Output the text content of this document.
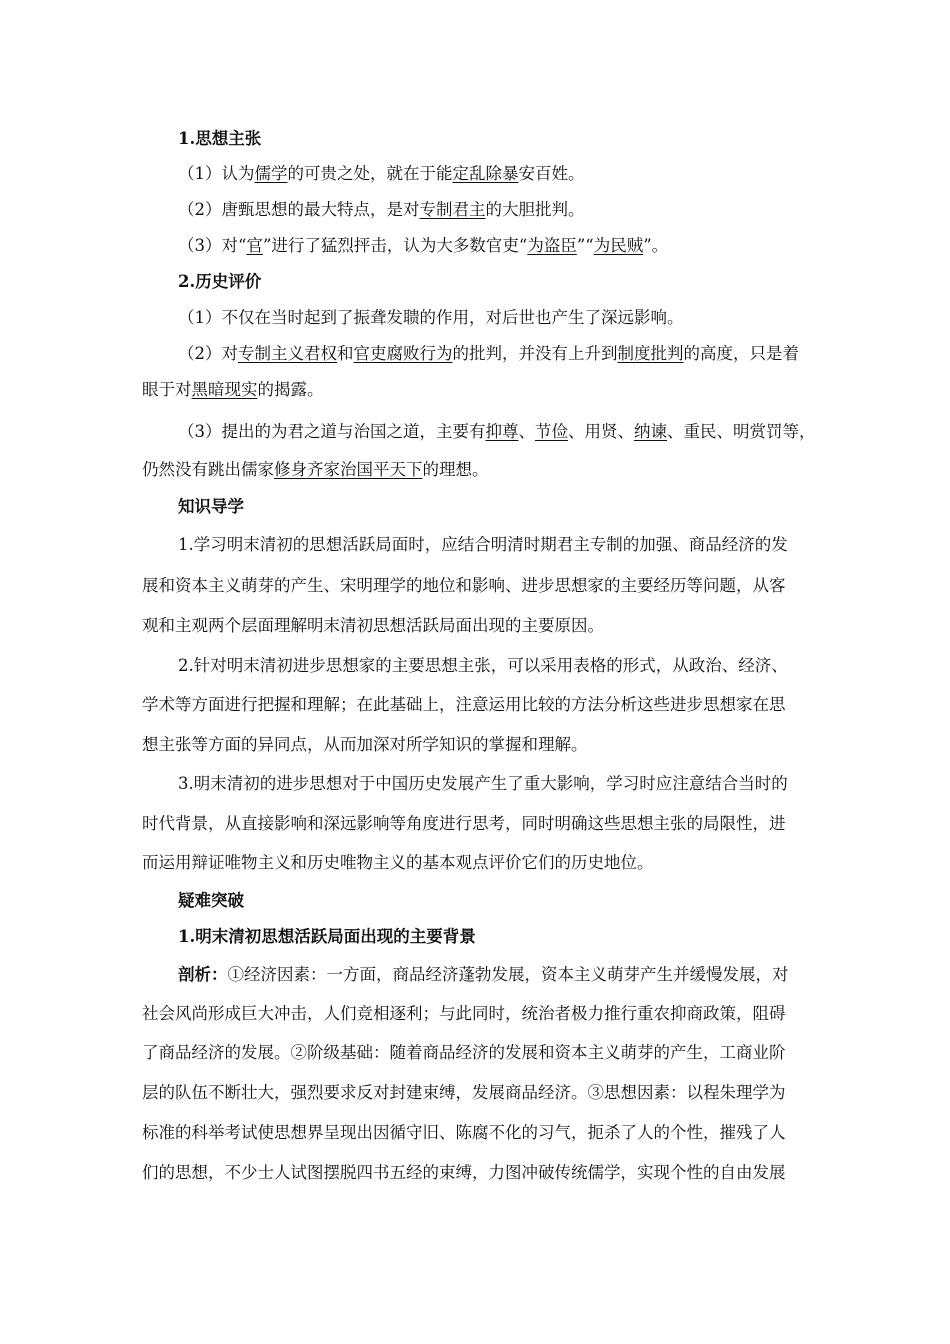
1.思想主张
（1）认为儒学的可贵之处，就在于能定乱除暴安百姓。
（2）唐甄思想的最大特点，是对专制君主的大胆批判。
（3）对“官”进行了猛烈抨击，认为大多数官吏“为盗臣”“为民贼”。
2.历史评价
（1）不仅在当时起到了振聋发聩的作用，对后世也产生了深远影响。
（2）对专制主义君权和官吏腐败行为的批判，并没有上升到制度批判的高度，只是着
眼于对黑暗现实的揭露。
（3）提出的为君之道与治国之道，主要有抑尊、节俭、用贤、纳谏、重民、明赏罚等，
仍然没有跳出儒家修身齐家治国平天下的理想。
知识导学
1.学习明末清初的思想活跃局面时，应结合明清时期君主专制的加强、商品经济的发
展和资本主义萌芽的产生、宋明理学的地位和影响、进步思想家的主要经历等问题，从客
观和主观两个层面理解明末清初思想活跃局面出现的主要原因。
2.针对明末清初进步思想家的主要思想主张，可以采用表格的形式，从政治、经济、
学术等方面进行把握和理解；在此基础上，注意运用比较的方法分析这些进步思想家在思
想主张等方面的异同点，从而加深对所学知识的掌握和理解。
3.明末清初的进步思想对于中国历史发展产生了重大影响，学习时应注意结合当时的
时代背景，从直接影响和深远影响等角度进行思考，同时明确这些思想主张的局限性，进
而运用辩证唯物主义和历史唯物主义的基本观点评价它们的历史地位。
疑难突破
1.明末清初思想活跃局面出现的主要背景
剖析：①经济因素：一方面，商品经济蓬勃发展，资本主义萌芽产生并缓慢发展，对
社会风尚形成巨大冲击，人们竞相逐利；与此同时，统治者极力推行重农抑商政策，阻碍
了商品经济的发展。②阶级基础：随着商品经济的发展和资本主义萌芽的产生，工商业阶
层的队伍不断壮大，强烈要求反对封建束缚，发展商品经济。③思想因素：以程朱理学为
标准的科举考试使思想界呈现出因循守旧、陈腐不化的习气，扼杀了人的个性，摧残了人
们的思想，不少士人试图摆脱四书五经的束缚，力图冲破传统儒学，实现个性的自由发展
